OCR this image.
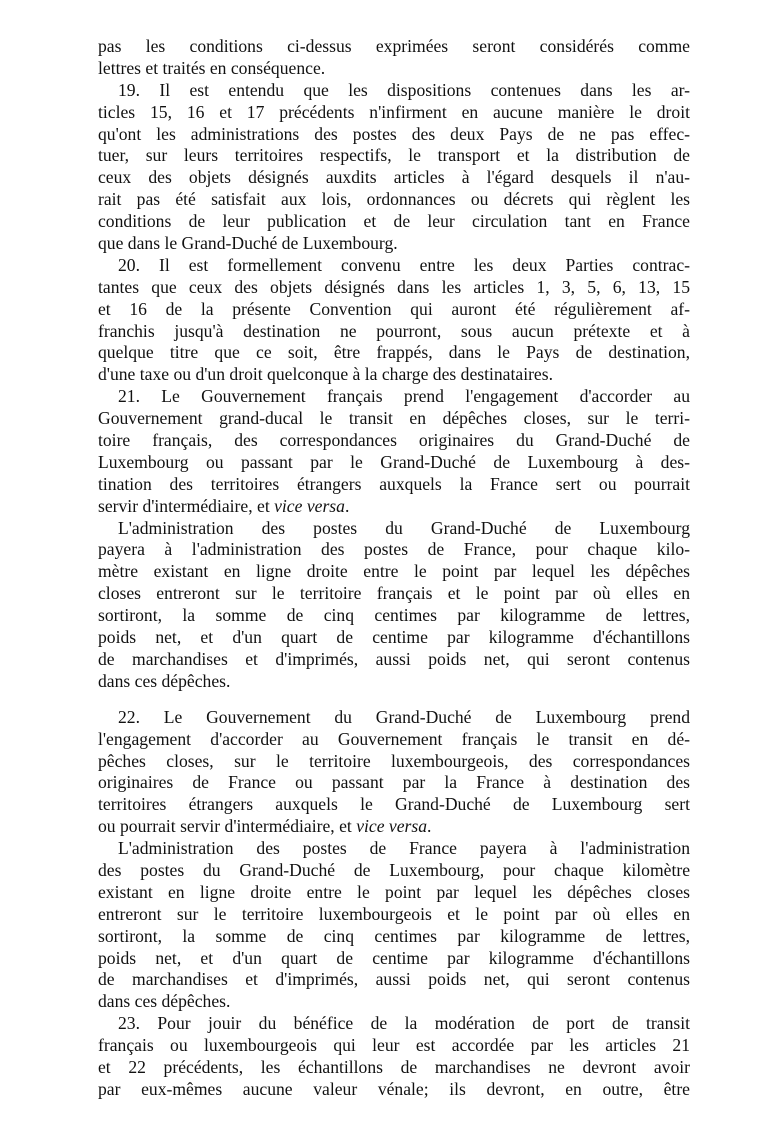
pas les conditions ci-dessus exprimées seront considérés comme
lettres et traités en conséquence.
19. Il est entendu que les dispositions contenues dans les ar-
ticles 15, 16 et 17 précédents n'infirment en aucune manière le droit
qu'ont les administrations des postes des deux Pays de ne pas effec-
tuer, sur leurs territoires respectifs, le transport et la distribution de
ceux des objets désignés auxdits articles à l'égard desquels il n'au-
rait pas été satisfait aux lois, ordonnances ou décrets qui règlent les
conditions de leur publication et de leur circulation tant en France
que dans le Grand-Duché de Luxembourg.
20. Il est formellement convenu entre les deux Parties contrac-
tantes que ceux des objets désignés dans les articles 1, 3, 5, 6, 13, 15
et 16 de la présente Convention qui auront été régulièrement af-
franchis jusqu'à destination ne pourront, sous aucun prétexte et à
quelque titre que ce soit, être frappés, dans le Pays de destination,
d'une taxe ou d'un droit quelconque à la charge des destinataires.
21. Le Gouvernement français prend l'engagement d'accorder au
Gouvernement grand-ducal le transit en dépêches closes, sur le terri-
toire français, des correspondances originaires du Grand-Duché de
Luxembourg ou passant par le Grand-Duché de Luxembourg à des-
tination des territoires étrangers auxquels la France sert ou pourrait
servir d'intermédiaire, et vice versa.
L'administration des postes du Grand-Duché de Luxembourg
payera à l'administration des postes de France, pour chaque kilo-
mètre existant en ligne droite entre le point par lequel les dépêches
closes entreront sur le territoire français et le point par où elles en
sortiront, la somme de cinq centimes par kilogramme de lettres,
poids net, et d'un quart de centime par kilogramme d'échantillons
de marchandises et d'imprimés, aussi poids net, qui seront contenus
dans ces dépêches.
22. Le Gouvernement du Grand-Duché de Luxembourg prend
l'engagement d'accorder au Gouvernement français le transit en dé-
pêches closes, sur le territoire luxembourgeois, des correspondances
originaires de France ou passant par la France à destination des
territoires étrangers auxquels le Grand-Duché de Luxembourg sert
ou pourrait servir d'intermédiaire, et vice versa.
L'administration des postes de France payera à l'administration
des postes du Grand-Duché de Luxembourg, pour chaque kilomètre
existant en ligne droite entre le point par lequel les dépêches closes
entreront sur le territoire luxembourgeois et le point par où elles en
sortiront, la somme de cinq centimes par kilogramme de lettres,
poids net, et d'un quart de centime par kilogramme d'échantillons
de marchandises et d'imprimés, aussi poids net, qui seront contenus
dans ces dépêches.
23. Pour jouir du bénéfice de la modération de port de transit
français ou luxembourgeois qui leur est accordée par les articles 21
et 22 précédents, les échantillons de marchandises ne devront avoir
par eux-mêmes aucune valeur vénale; ils devront, en outre, être
